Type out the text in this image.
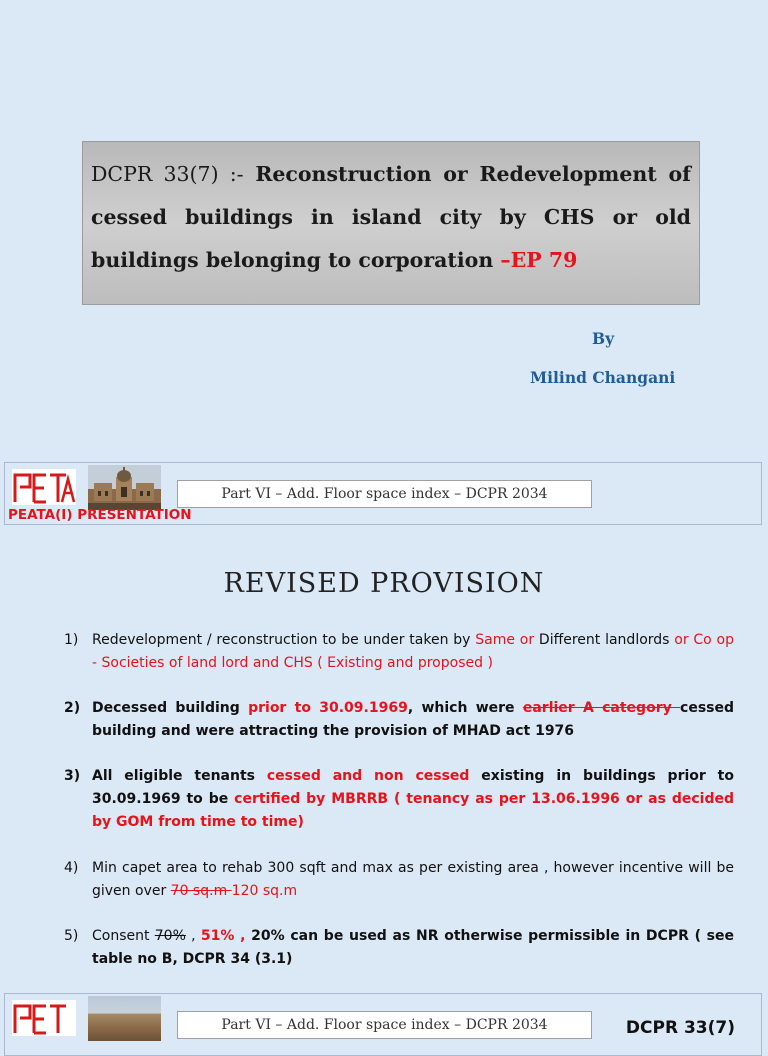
DCPR 33(7) :- Reconstruction or Redevelopment of cessed buildings in island city by CHS or old buildings belonging to corporation –EP 79
By
Milind Changani
Part VI – Add. Floor space index – DCPR 2034
PEATA(I) PRESENTATION
REVISED PROVISION
1) Redevelopment / reconstruction to be under taken by Same or Different landlords or Co op - Societies of land lord and CHS ( Existing and proposed )
2) Decessed building prior to 30.09.1969, which were earlier A category cessed building and were attracting the provision of MHAD act 1976
3) All eligible tenants cessed and non cessed existing in buildings prior to 30.09.1969 to be certified by MBRRB ( tenancy as per 13.06.1996 or as decided by GOM from time to time)
4) Min capet area to rehab 300 sqft and max as per existing area , however incentive will be given over 70 sq.m 120 sq.m
5) Consent 70% , 51% , 20% can be used as NR otherwise permissible in DCPR ( see table no B, DCPR 34 (3.1)
Part VI – Add. Floor space index – DCPR 2034	DCPR 33(7)
